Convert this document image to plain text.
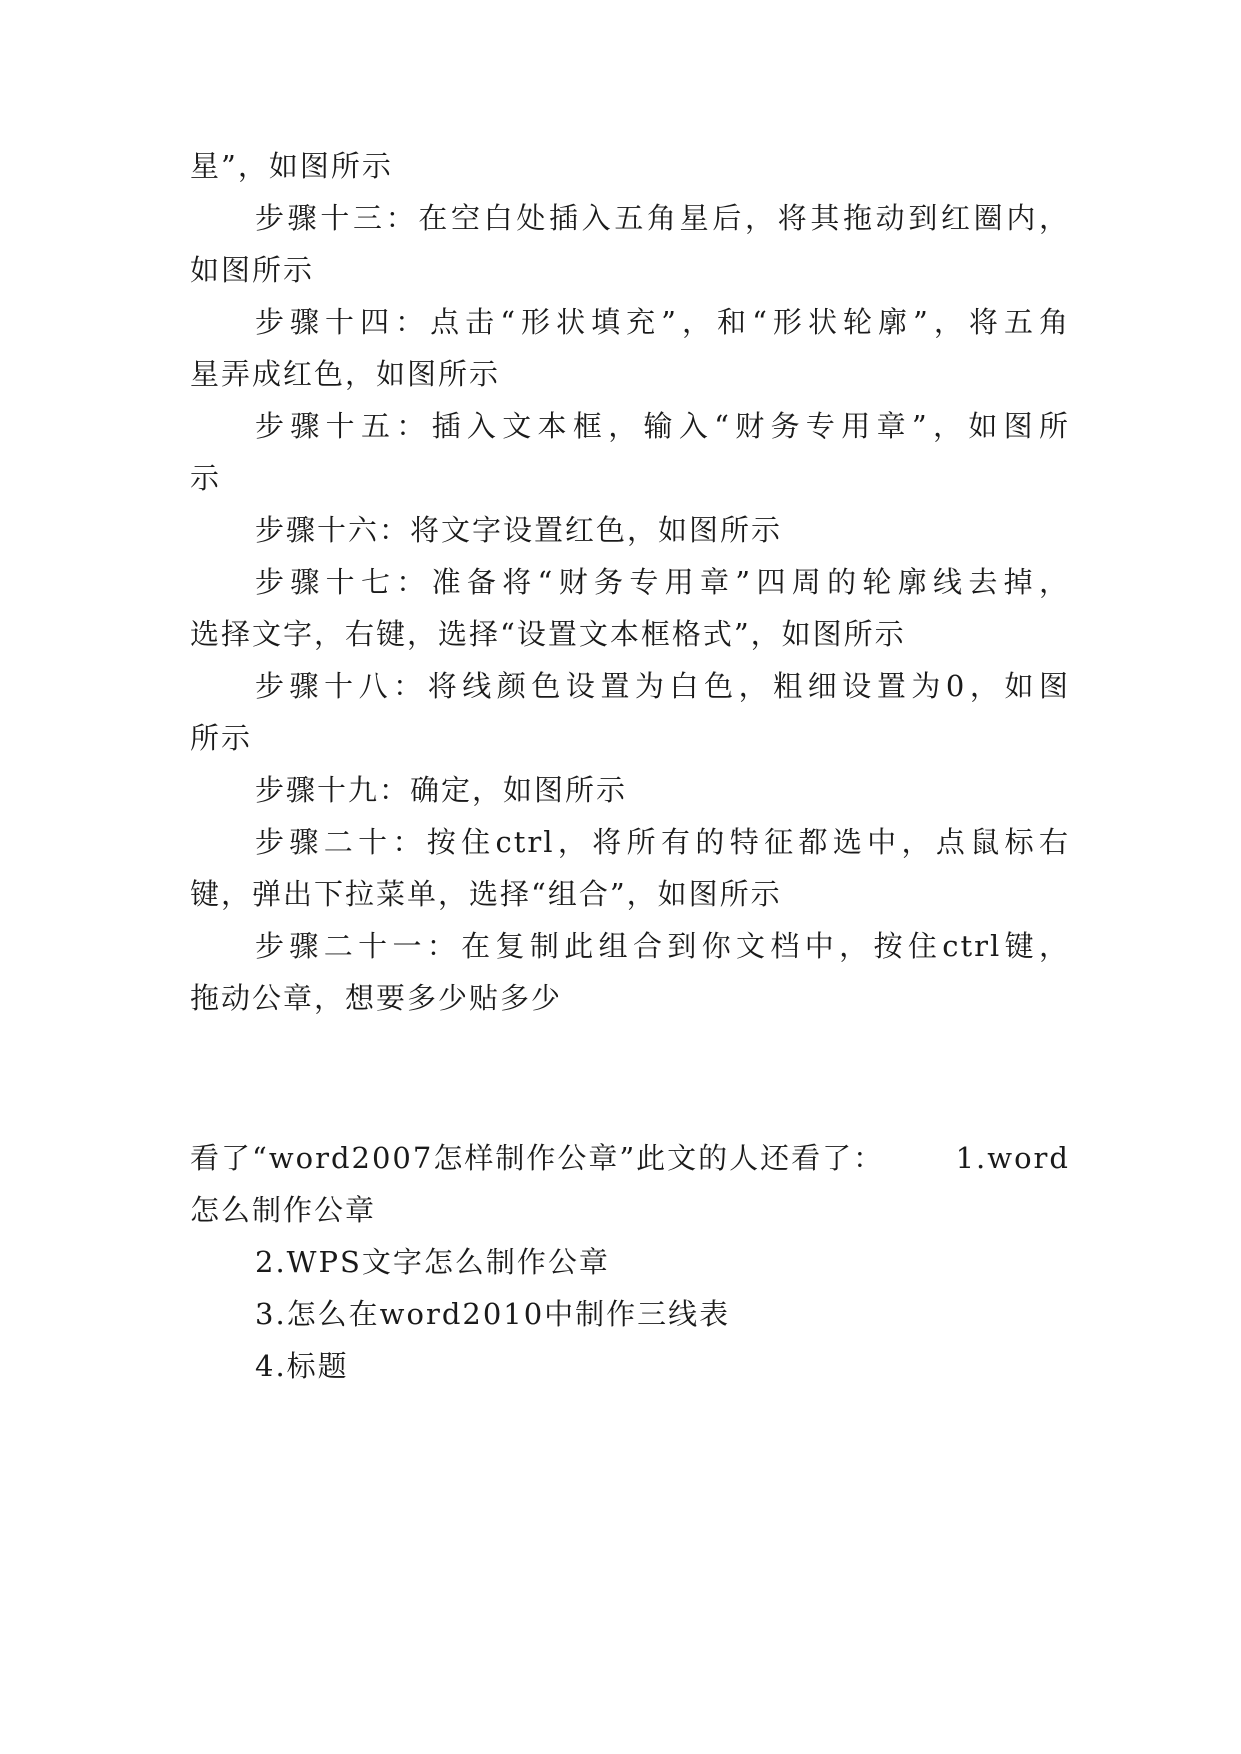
星”，如图所示
步骤十三：在空白处插入五角星后，将其拖动到红圈内，
如图所示
步骤十四：点击“形状填充”，和“形状轮廓”，将五角
星弄成红色，如图所示
步骤十五：插入文本框，输入“财务专用章”，如图所
示
步骤十六：将文字设置红色，如图所示
步骤十七：准备将“财务专用章”四周的轮廓线去掉，
选择文字，右键，选择“设置文本框格式”，如图所示
步骤十八：将线颜色设置为白色，粗细设置为0，如图
所示
步骤十九：确定，如图所示
步骤二十：按住ctrl，将所有的特征都选中，点鼠标右
键，弹出下拉菜单，选择“组合”，如图所示
步骤二十一：在复制此组合到你文档中，按住ctrl键，
拖动公章，想要多少贴多少
看了“word2007怎样制作公章”此文的人还看了： 1.word
怎么制作公章
2.WPS文字怎么制作公章
3.怎么在word2010中制作三线表
4.标题
